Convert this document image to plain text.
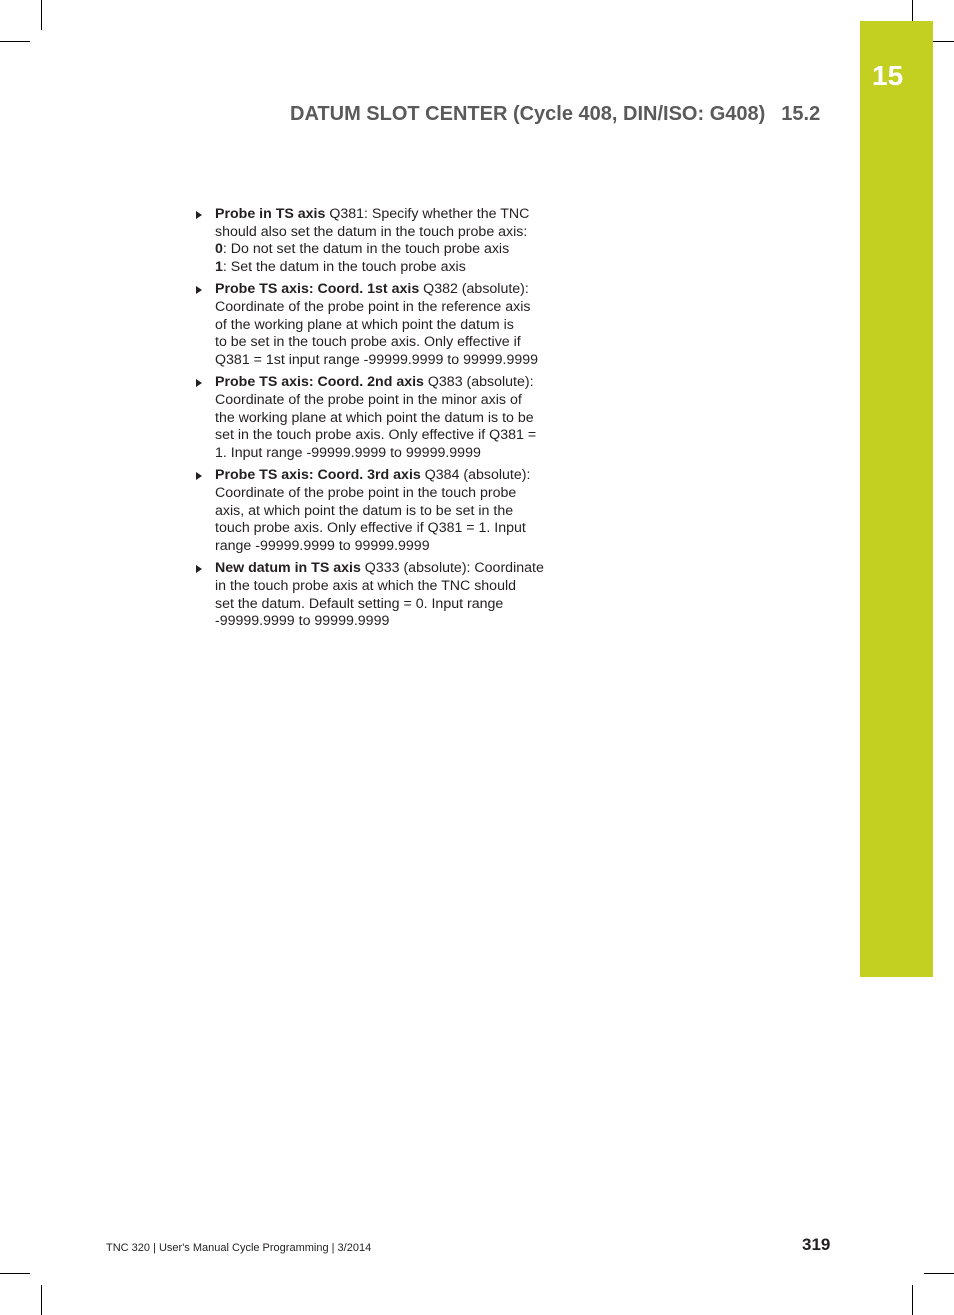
15
DATUM SLOT CENTER (Cycle 408, DIN/ISO: G408) 15.2

Probe in TS axis Q381: Specify whether the TNC
should also set the datum in the touch probe axis:

0: Do not set the datum in the touch probe axis

1: Set the datum in the touch probe axis

Probe TS axis: Coord. 1st axis Q382 (absolute):
Coordinate of the probe point in the reference axis
of the working plane at which point the datum is
to be set in the touch probe axis. Only effective if
Q381 = 1st input range -99999.9999 to 99999.9999

Probe TS axis: Coord. 2nd axis Q383 (absolute):
Coordinate of the probe point in the minor axis of
the working plane at which point the datum is to be
set in the touch probe axis. Only effective if Q381 =
1. Input range -99999.9999 to 99999.9999

Probe TS axis: Coord. 3rd axis Q384 (absolute):
Coordinate of the probe point in the touch probe
axis, at which point the datum is to be set in the
touch probe axis. Only effective if Q381 = 1. Input
range -99999.9999 to 99999.9999

New datum in TS axis Q333 (absolute): Coordinate
in the touch probe axis at which the TNC should
set the datum. Default setting = 0. Input range
-99999.9999 to 99999.9999

TNC 320 | User's Manual Cycle Programming | 3/2014	319
